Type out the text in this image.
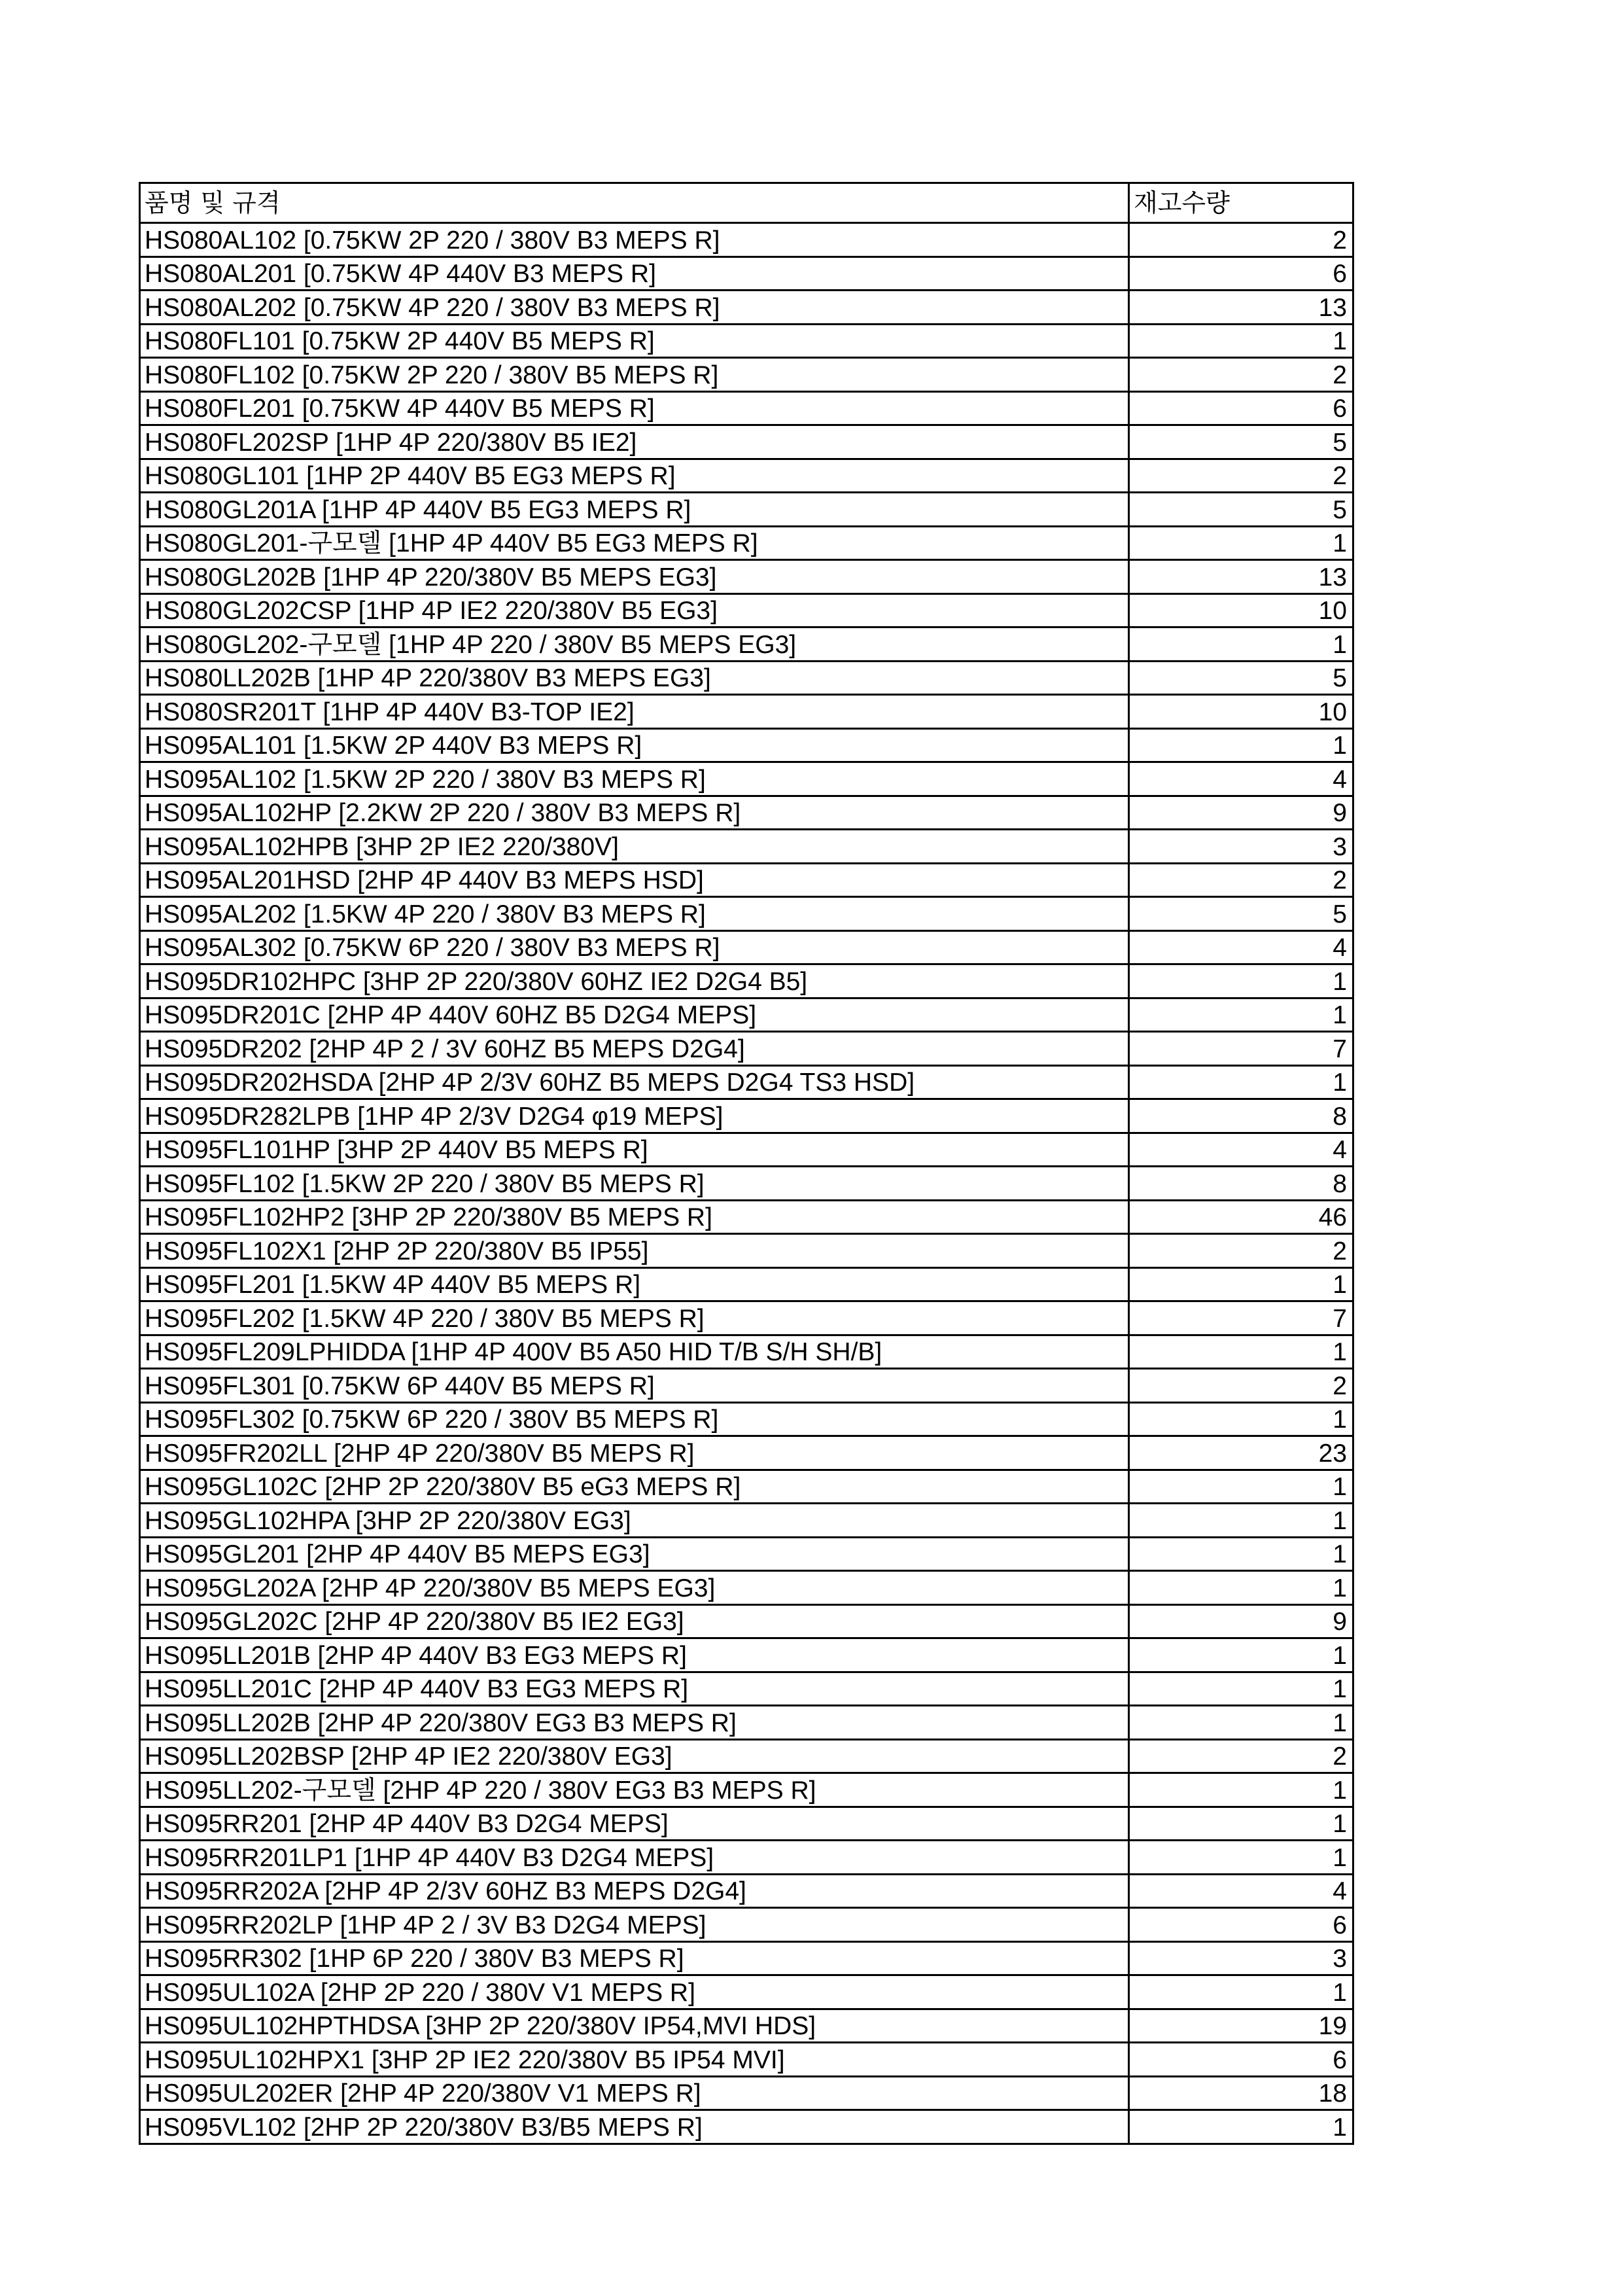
품명 및 규격	재고수량
HS080AL102 [0.75KW 2P 220 / 380V B3 MEPS R]	2
HS080AL201 [0.75KW 4P 440V B3 MEPS R]	6
HS080AL202 [0.75KW 4P 220 / 380V B3 MEPS R]	13
HS080FL101 [0.75KW 2P 440V B5 MEPS R]	1
HS080FL102 [0.75KW 2P 220 / 380V B5 MEPS R]	2
HS080FL201 [0.75KW 4P 440V B5 MEPS R]	6
HS080FL202SP [1HP 4P 220/380V B5 IE2]	5
HS080GL101 [1HP 2P 440V B5 EG3 MEPS R]	2
HS080GL201A [1HP 4P 440V B5 EG3 MEPS R]	5
HS080GL201-구모델 [1HP 4P 440V B5 EG3 MEPS R]	1
HS080GL202B [1HP 4P 220/380V B5 MEPS EG3]	13
HS080GL202CSP [1HP 4P IE2 220/380V B5 EG3]	10
HS080GL202-구모델 [1HP 4P 220 / 380V B5 MEPS EG3]	1
HS080LL202B [1HP 4P 220/380V B3 MEPS EG3]	5
HS080SR201T [1HP 4P 440V B3-TOP IE2]	10
HS095AL101 [1.5KW 2P 440V B3 MEPS R]	1
HS095AL102 [1.5KW 2P 220 / 380V B3 MEPS R]	4
HS095AL102HP [2.2KW 2P 220 / 380V B3 MEPS R]	9
HS095AL102HPB [3HP 2P IE2 220/380V]	3
HS095AL201HSD [2HP 4P 440V B3 MEPS HSD]	2
HS095AL202 [1.5KW 4P 220 / 380V B3 MEPS R]	5
HS095AL302 [0.75KW 6P 220 / 380V B3 MEPS R]	4
HS095DR102HPC [3HP 2P 220/380V 60HZ IE2 D2G4 B5]	1
HS095DR201C [2HP 4P 440V 60HZ B5 D2G4 MEPS]	1
HS095DR202 [2HP 4P 2 / 3V 60HZ B5 MEPS D2G4]	7
HS095DR202HSDA [2HP 4P 2/3V 60HZ B5 MEPS D2G4 TS3 HSD]	1
HS095DR282LPB [1HP 4P 2/3V D2G4 φ19 MEPS]	8
HS095FL101HP [3HP 2P 440V B5 MEPS R]	4
HS095FL102 [1.5KW 2P 220 / 380V B5 MEPS R]	8
HS095FL102HP2 [3HP 2P 220/380V B5 MEPS R]	46
HS095FL102X1 [2HP 2P 220/380V B5 IP55]	2
HS095FL201 [1.5KW 4P 440V B5 MEPS R]	1
HS095FL202 [1.5KW 4P 220 / 380V B5 MEPS R]	7
HS095FL209LPHIDDA [1HP 4P 400V B5 A50 HID T/B S/H SH/B]	1
HS095FL301 [0.75KW 6P 440V B5 MEPS R]	2
HS095FL302 [0.75KW 6P 220 / 380V B5 MEPS R]	1
HS095FR202LL [2HP 4P 220/380V B5 MEPS R]	23
HS095GL102C [2HP 2P 220/380V B5 eG3 MEPS R]	1
HS095GL102HPA [3HP 2P 220/380V EG3]	1
HS095GL201 [2HP 4P 440V B5 MEPS EG3]	1
HS095GL202A [2HP 4P 220/380V B5 MEPS EG3]	1
HS095GL202C [2HP 4P 220/380V B5 IE2 EG3]	9
HS095LL201B [2HP 4P 440V B3 EG3 MEPS R]	1
HS095LL201C [2HP 4P 440V B3 EG3 MEPS R]	1
HS095LL202B [2HP 4P 220/380V EG3 B3 MEPS R]	1
HS095LL202BSP [2HP 4P IE2 220/380V EG3]	2
HS095LL202-구모델 [2HP 4P 220 / 380V EG3 B3 MEPS R]	1
HS095RR201 [2HP 4P 440V B3 D2G4 MEPS]	1
HS095RR201LP1 [1HP 4P 440V B3 D2G4 MEPS]	1
HS095RR202A [2HP 4P 2/3V 60HZ B3 MEPS D2G4]	4
HS095RR202LP [1HP 4P 2 / 3V B3 D2G4 MEPS]	6
HS095RR302 [1HP 6P 220 / 380V B3 MEPS R]	3
HS095UL102A [2HP 2P 220 / 380V V1 MEPS R]	1
HS095UL102HPTHDSA [3HP 2P 220/380V IP54,MVI HDS]	19
HS095UL102HPX1 [3HP 2P IE2 220/380V B5 IP54 MVI]	6
HS095UL202ER [2HP 4P 220/380V V1 MEPS R]	18
HS095VL102 [2HP 2P 220/380V B3/B5 MEPS R]	1
